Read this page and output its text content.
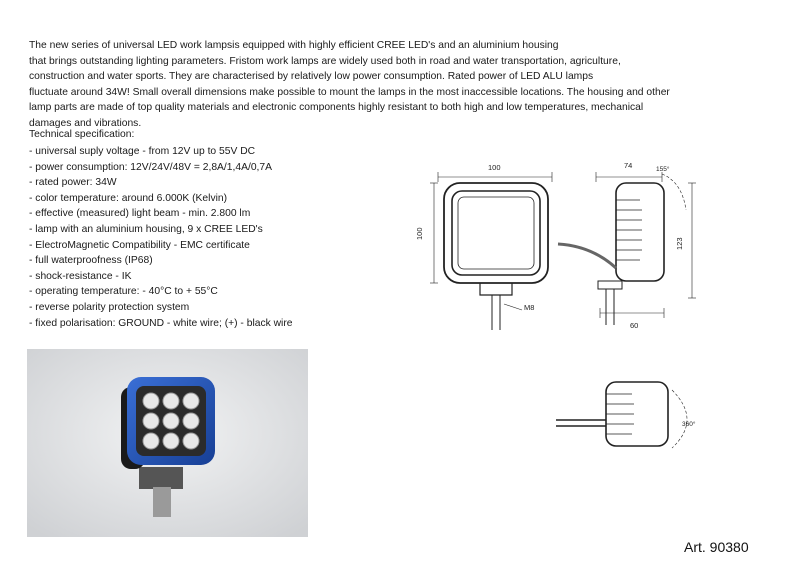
The new series of universal LED work lampsis equipped with highly efficient CREE LED's and an aluminium housing

that brings outstanding lighting parameters. Fristom work lamps are widely used both in road and water transportation, agriculture,

construction and water sports. They are characterised by relatively low power consumption. Rated power of LED ALU lamps

fluctuate around 34W! Small overall dimensions make possible to mount the lamps in the most inaccessible locations. The housing and other

lamp parts are made of top quality materials and electronic components highly resistant to both high and low temperatures, mechanical

damages and vibrations.

Technical specification:
- universal suply voltage - from 12V up to 55V DC
- power consumption: 12V/24V/48V = 2,8A/1,4A/0,7A
- rated power: 34W
- color temperature: around 6.000K (Kelvin)
- effective (measured) light beam - min. 2.800 lm
- lamp with an aluminium housing, 9 x CREE LED's
- ElectroMagnetic Compatibility - EMC certificate
- full waterproofness (IP68)
- shock-resistance - IK
- operating temperature: - 40°C to + 55°C
- reverse polarity protection system
- fixed polarisation: GROUND - white wire; (+) - black wire
100
100
M8
74	155°
123
60
360°
Art. 90380
